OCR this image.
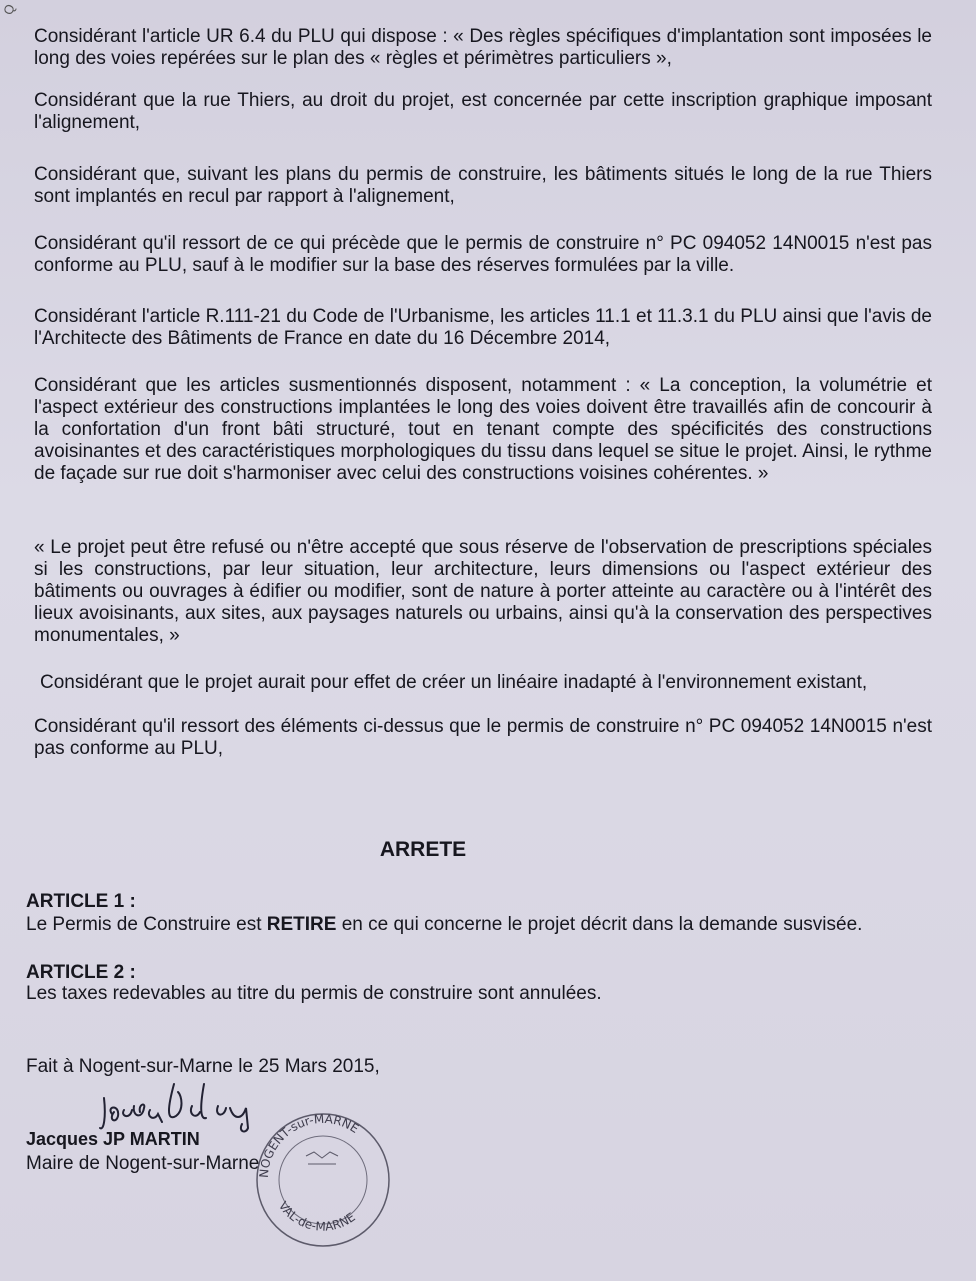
Q

Considérant l'article UR 6.4 du PLU qui dispose : « Des règles spécifiques d'implantation sont imposées le long des voies repérées sur le plan des « règles et périmètres particuliers »,

Considérant que la rue Thiers, au droit du projet, est concernée par cette inscription graphique imposant l'alignement,

Considérant que, suivant les plans du permis de construire, les bâtiments situés le long de la rue Thiers sont implantés en recul par rapport à l'alignement,

Considérant qu'il ressort de ce qui précède que le permis de construire n° PC 094052 14N0015 n'est pas conforme au PLU, sauf à le modifier sur la base des réserves formulées par la ville.

Considérant l'article R.111-21 du Code de l'Urbanisme, les articles 11.1 et 11.3.1 du PLU ainsi que l'avis de l'Architecte des Bâtiments de France en date du 16 Décembre 2014,

Considérant que les articles susmentionnés disposent, notamment : « La conception, la volumétrie et l'aspect extérieur des constructions implantées le long des voies doivent être travaillés afin de concourir à la confortation d'un front bâti structuré, tout en tenant compte des spécificités des constructions avoisinantes et des caractéristiques morphologiques du tissu dans lequel se situe le projet. Ainsi, le rythme de façade sur rue doit s'harmoniser avec celui des constructions voisines cohérentes. »

« Le projet peut être refusé ou n'être accepté que sous réserve de l'observation de prescriptions spéciales si les constructions, par leur situation, leur architecture, leurs dimensions ou l'aspect extérieur des bâtiments ou ouvrages à édifier ou modifier, sont de nature à porter atteinte au caractère ou à l'intérêt des lieux avoisinants, aux sites, aux paysages naturels ou urbains, ainsi qu'à la conservation des perspectives monumentales, »

Considérant que le projet aurait pour effet de créer un linéaire inadapté à l'environnement existant,

Considérant qu'il ressort des éléments ci-dessus que le permis de construire n° PC 094052 14N0015 n'est pas conforme au PLU,

ARRETE

ARTICLE 1 :

Le Permis de Construire est RETIRE en ce qui concerne le projet décrit dans la demande susvisée.

ARTICLE 2 :

Les taxes redevables au titre du permis de construire sont annulées.

Fait à Nogent-sur-Marne le 25 Mars 2015,

Jacques JP MARTIN

Maire de Nogent-sur-Marne

NOGENT-sur-MARNE
VAL-de-MARNE
